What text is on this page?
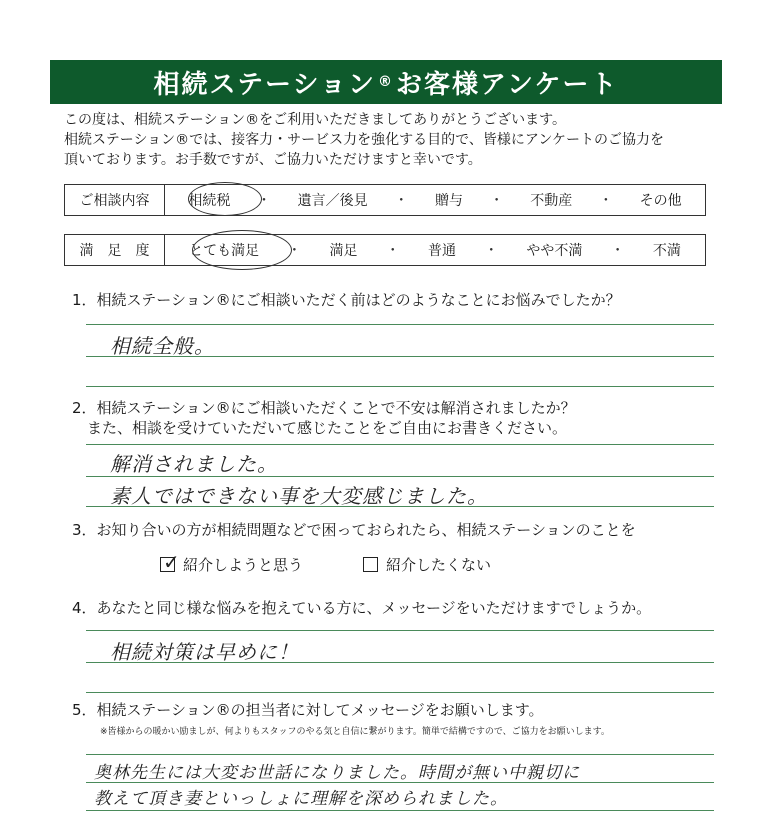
相続ステーション ® お客様アンケート
この度は、相続ステーション®をご利用いただきましてありがとうございます。
相続ステーション®では、接客力・サービス力を強化する目的で、皆様にアンケートのご協力を
頂いております。お手数ですが、ご協力いただけますと幸いです。
ご相談内容	相続税 ・ 遺言／後見 ・ 贈与 ・ 不動産 ・ その他
満　足　度	とても満足 ・ 満足 ・ 普通 ・ やや不満 ・ 不満
1．相続ステーション®にご相談いただく前はどのようなことにお悩みでしたか？
相続全般。
2．相続ステーション®にご相談いただくことで不安は解消されましたか？
　また、相談を受けていただいて感じたことをご自由にお書きください。
解消されました。
素人ではできない事を大変感じました。
3．お知り合いの方が相続問題などで困っておられたら、相続ステーションのことを
✓ 紹介しようと思う	紹介したくない
4．あなたと同じ様な悩みを抱えている方に、メッセージをいただけますでしょうか。
相続対策は早めに！
5．相続ステーション®の担当者に対してメッセージをお願いします。
※皆様からの暖かい励ましが、何よりもスタッフのやる気と自信に繋がります。簡単で結構ですので、ご協力をお願いします。
奥林先生には大変お世話になりました。時間が無い中親切に
教えて頂き妻といっしょに理解を深められました。
